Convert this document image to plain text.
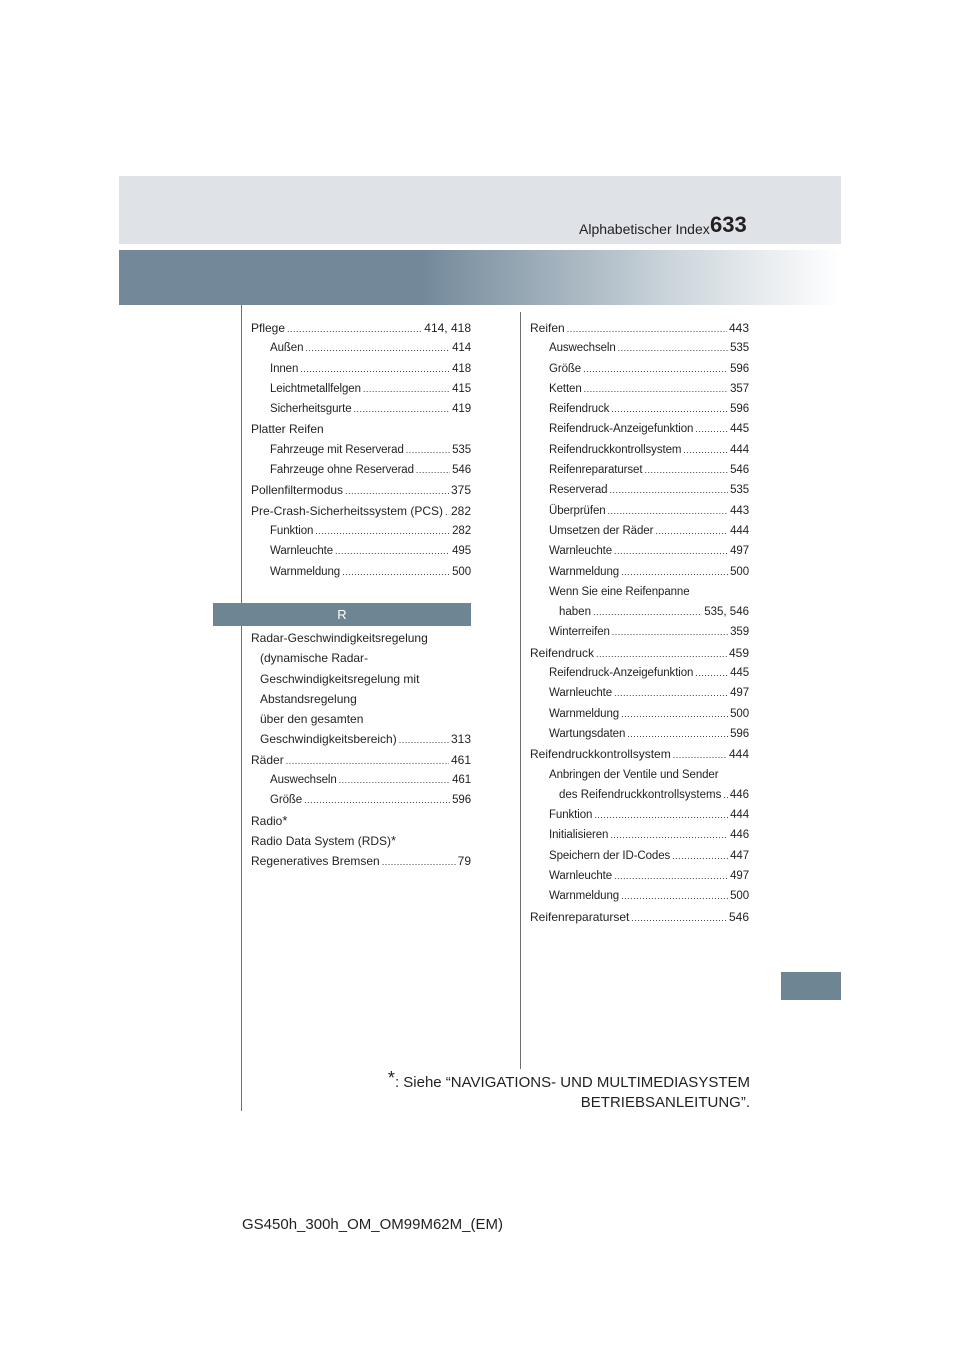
633
Alphabetischer Index
Pflege .....	414, 418
Außen .....	414
Innen .....	418
Leichtmetallfelgen .....	415
Sicherheitsgurte .....	419
Platter Reifen
Fahrzeuge mit Reserverad .....	535
Fahrzeuge ohne Reserverad .....	546
Pollenfiltermodus .....	375
Pre-Crash-Sicherheitssystem (PCS) ..... 282
Funktion .....	282
Warnleuchte .....	495
Warnmeldung .....	500
R
Radar-Geschwindigkeitsregelung
(dynamische Radar-
Geschwindigkeitsregelung mit
Abstandsregelung
über den gesamten
Geschwindigkeitsbereich) .....	313
Räder .....	461
Auswechseln .....	461
Größe .....	596
Radio *
Radio Data System (RDS) *
Regeneratives Bremsen .....	79
Reifen .....	443
Auswechseln .....	535
Größe .....	596
Ketten .....	357
Reifendruck .....	596
Reifendruck-Anzeigefunktion .....	445
Reifendruckkontrollsystem .....	444
Reifenreparaturset .....	546
Reserverad .....	535
Überprüfen .....	443
Umsetzen der Räder .....	444
Warnleuchte .....	497
Warnmeldung .....	500
Wenn Sie eine Reifenpanne
haben .....	535, 546
Winterreifen .....	359
Reifendruck .....	459
Reifendruck-Anzeigefunktion .....	445
Warnleuchte .....	497
Warnmeldung .....	500
Wartungsdaten .....	596
Reifendruckkontrollsystem .....	444
Anbringen der Ventile und Sender
des Reifendruckkontrollsystems ..... 446
Funktion .....	444
Initialisieren .....	446
Speichern der ID-Codes .....	447
Warnleuchte .....	497
Warnmeldung .....	500
Reifenreparaturset .....	546
*: Siehe “NAVIGATIONS- UND MULTIMEDIASYSTEM
BETRIEBSANLEITUNG”.
GS450h_300h_OM_OM99M62M_(EM)
